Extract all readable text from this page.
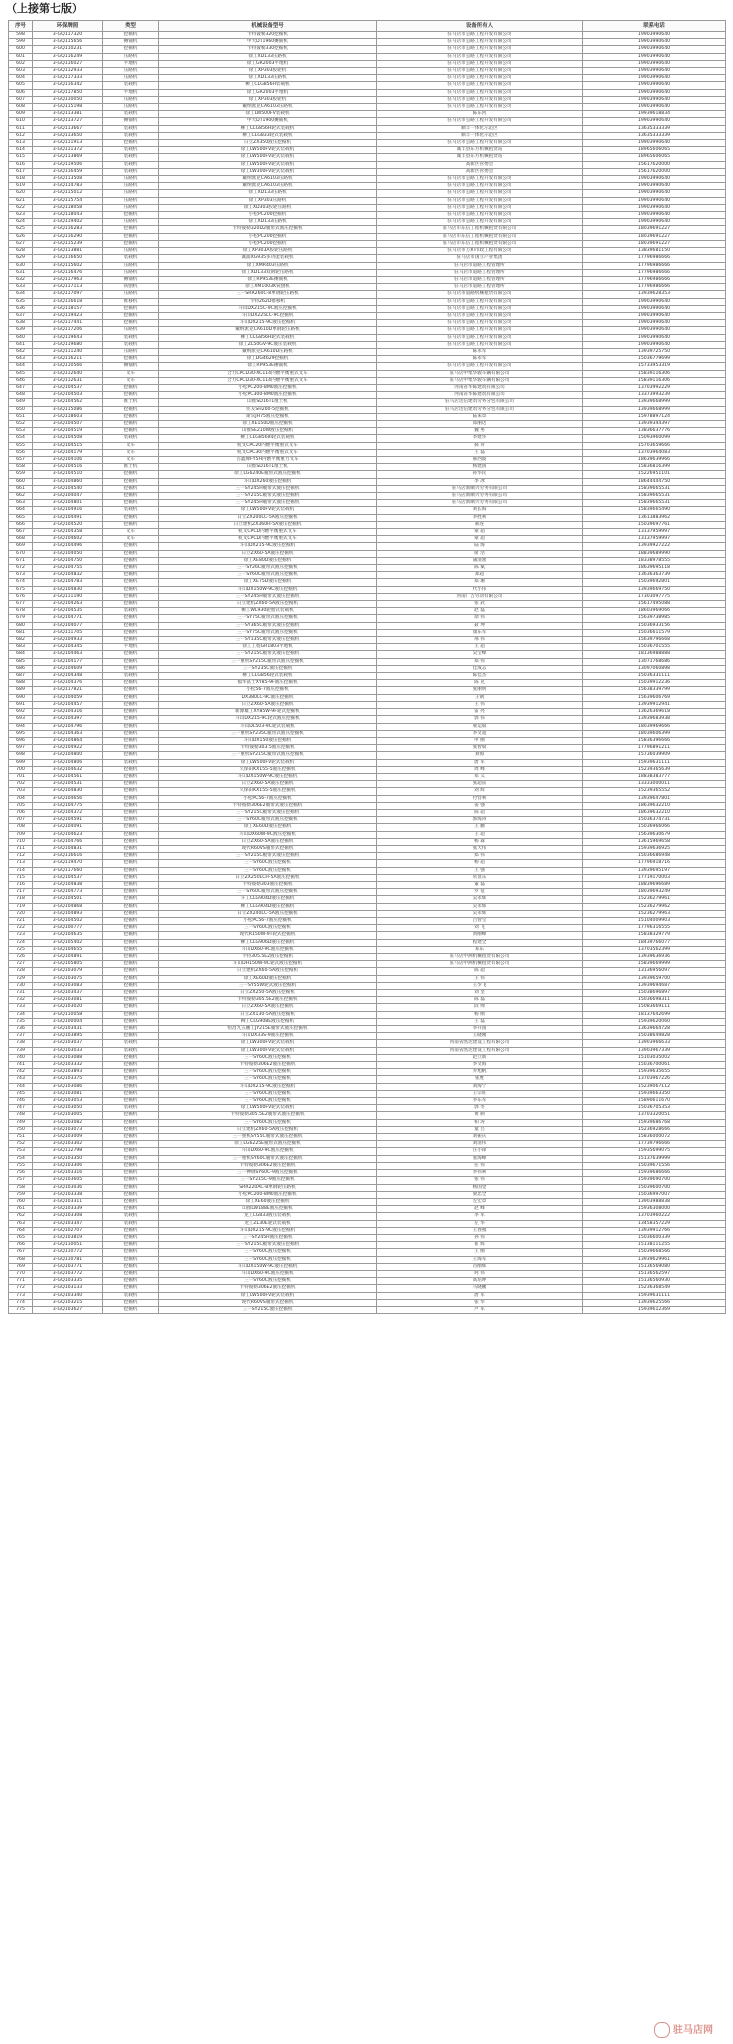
（上接第七版）
序号	环保牌照	类型	机械设备型号	设备所有人	联系电话
598	3-GQ117320	挖掘机	卡特彼勒320挖掘机	驻马店市公路工程开发有限公司	19903990640
599	3-GQ115656	摊铺机	中大DT1960摊铺机	驻马店市公路工程开发有限公司	19903990640
600	3-GQ110231	挖掘机	卡特彼勒330挖掘机	驻马店市公路工程开发有限公司	19903990640
601	3-GQ116249	压路机	徐工XD133压路机	驻马店市公路工程开发有限公司	19903990640
602	3-GQ116027	平地机	徐工GR2003平地机	驻马店市公路工程开发有限公司	19903990640
603	3-GQ112933	压路机	徐工XP303胶轮机	驻马店市公路工程开发有限公司	19903990640
604	3-GQ117333	压路机	徐工XD133压路机	驻马店市公路工程开发有限公司	19903990640
605	3-GQ116342	装载机	柳工CLG856H装载机	驻马店市公路工程开发有限公司	19903990640
606	3-GQ117850	平地机	徐工GR2003平地机	驻马店市公路工程开发有限公司	19903990640
607	3-GQ110050	压路机	徐工XP303胶轮机	驻马店市公路工程开发有限公司	19903990640
608	3-GQ115198	压路机	戴纳派克CA6103压路机	驻马店市公路工程开发有限公司	19903990640
609	3-GQ113381	装载机	徐工LW500FV装载机	陈东河	19939618834
610	3-GQ113727	摊铺机	中大DT1900摊铺机	驻马店市公路工程开发有限公司	19903990640
611	3-GQ113667	装载机	柳工CLG856H轮式装载机	顺丰一体化示范区	13635333339
612	3-GQ113650	装载机	柳工CLG833轮式装载机	顺丰一体化示范区	13635333339
613	3-GQ111913	挖掘机	日立ZX350液压挖掘机	驻马店市公路工程开发有限公司	19903990640
614	3-GQ111372	装载机	徐工LW500FV轮式装载机	诚丰县东方机械租赁站	18965606065
615	3-GQ113869	装载机	徐工LW500FV轮式装载机	诚丰县东方机械租赁站	18965606065
616	3-GQ119506	装载机	徐工LW500FV轮式装载机	高新区管委会	15617620000
617	3-GQ116459	装载机	徐工LW300FV轮式装载机	高新区管委会	15617620000
618	3-GQ113508	压路机	戴纳派克CA6103压路机	驻马店市公路工程开发有限公司	19903990640
619	3-GQ114783	压路机	戴纳派克CA6103压路机	驻马店市公路工程开发有限公司	19903990640
620	3-GQ115012	压路机	徐工XD133压路机	驻马店市公路工程开发有限公司	19903990640
621	3-GQ115754	压路机	徐工XP303压路机	驻马店市公路工程开发有限公司	19903990640
622	3-GQ118058	压路机	徐工XD303胶轮压路机	驻马店市公路工程开发有限公司	19903990640
623	3-GQ118043	挖掘机	小松PC200挖掘机	驻马店市公路工程开发有限公司	19903990640
624	3-GQ119402	压路机	徐工XD133压路机	驻马店市公路工程开发有限公司	19903990640
625	3-GQ116283	挖掘机	卡特彼勒320D2履带式液压挖掘机	驻马店市东信工程机械租赁有限公司	18039691227
626	3-GQ116290	挖掘机	小松PC200挖掘机	驻马店市东信工程机械租赁有限公司	18039691227
627	3-GQ115239	挖掘机	小松PC200挖掘机	驻马店市东信工程机械租赁有限公司	18039691227
628	3-GQ113881	压路机	徐工XP303A胶轮压路机	驻马店市万和市政工程有限公司	13839681150
629	3-GQ116650	装载机	诚浦XG935多功能装载机	驻马店市国立产业集团	17796986666
630	3-GQ115602	压路机	徐工XMR403压路机	驻马店市道路工程管理所	17796986666
631	3-GQ116476	压路机	徐工XD133双钢轮压路机	驻马店市道路工程管理所	17796986666
632	3-GQ117963	摊铺机	徐工RP953E摊铺机	驻马店市道路工程管理所	17796986666
633	3-GQ117113	铣刨机	徐工XM1003K铣刨机	驻马店市道路工程管理所	17796986666
634	3-GQ117097	压路机	三一SRR260C-8单钢轮压路机	驻马店市道路机械租赁有限公司	13939628353
635	3-GQ116618	推移机	卡特262D推移机	驻马店市公路工程开发有限公司	19903990640
636	3-GQ118157	挖掘机	斗山DX215C-9C液压挖掘机	驻马店市公路工程开发有限公司	19903990640
637	3-GQ119423	挖掘机	斗山DX225LC-9C挖掘机	驻马店市公路工程开发有限公司	19903990640
638	3-GQ117441	挖掘机	斗山DX215-9C液压挖掘机	驻马店市公路工程开发有限公司	19903990640
639	3-GQ117206	压路机	戴纳派克CA610D单钢轮压路机	驻马店市公路工程开发有限公司	19903990640
640	3-GQ119643	装载机	柳工CLG856H轮式装载机	驻马店市公路工程开发有限公司	19903990640
641	3-GQ119680	装载机	徐工ZL50GV-9C液压装载机	驻马店市公路工程开发有限公司	19903990640
642	3-GQ111240	压路机	戴纳派克CA610D压路机	陈永军	13939725750
643	3-GQ116211	挖掘机	徐工DG4629挖掘机	陈永军	15036779699
644	3-GQ110566	摊铺机	徐工RP953E摊铺机	驻马店市公路工程开发有限公司	15733953319
645	3-GQ112640	叉车	合力CPCD30-XC114内燃平衡重式叉车	驻马店中集华骏车辆有限公司	15839116306
646	3-GQ112631	叉车	合力CPCD30-XC114内燃平衡重式叉车	驻马店中集华骏车辆有限公司	15839116306
647	3-GQ104537	挖掘机	小松PC200-8M0液压挖掘机	河南省华陈建筑有限公司	13703992229
648	3-GQ104503	挖掘机	小松PC300-8M0液压挖掘机	河南省华陈建筑有限公司	13373993239
649	3-GQ104562	推土机	山推SD16TL推土机	驻马店达信建筑劳务分包有限公司	13939668999
650	3-GQ115086	挖掘机	住友SH200-5挖掘机	驻马店达信建筑劳务分包有限公司	13939668999
651	3-GQ118603	挖掘机	斯宾JH75液压挖掘机	陆朱章	15978897124
652	3-GQ104507	挖掘机	徐工XE150D液压挖掘机	郑丽达	13939344397
653	3-GQ104519	挖掘机	山推SE210W液压挖掘机	魏 男	13836637776
654	3-GQ104508	装载机	柳工CLG856III轮式装载机	李建华	15093960099
655	3-GQ104515	叉车	杭叉CPC20内燃平衡重式叉车	郝 舟	15703659666
656	3-GQ104179	叉车	杭叉CPC30内燃平衡重式叉车	王 磊	13703964083
657	3-GQ104106	叉车	古鑫牌FY5H内燃平衡重力叉车	郝西波	18639639966
658	3-GQ104516	推土机	山推SD16TL推土机	杨建国	15836816399
659	3-GQ104510	挖掘机	徐工LG6240E履带式液压挖掘机	孙华民	15226951101
660	3-GQ104860	挖掘机	斗山DX260液压挖掘机	李 冰	18644444750
661	3-GQ104540	挖掘机	三一SY245H履带式液压挖掘机	驻马店新顺兴劳务有限公司	15839665531
662	3-GQ104047	挖掘机	三一SY215C履带式液压挖掘机	驻马店新顺兴劳务有限公司	15839665531
663	3-GQ104801	挖掘机	三一SY245H履带式液压挖掘机	驻马店新顺兴劳务有限公司	15839665531
664	3-GQ104916	装载机	徐工LW500FV轮式装载机	刘长海	15839665490
665	3-GQ104491	挖掘机	日立ZX200LC-5A液压挖掘机	李胜利	13613883962
666	3-GQ104520	挖掘机	日立建机ZX360H-5A液压挖掘机	郝连	15039697761
667	3-GQ104358	叉车	杭叉CPCD内燃平衡重式叉车	蒙 超	13137959997
668	3-GQ104602	叉车	杭叉CPCD内燃平衡重式叉车	蒙 超	13137959997
669	3-GQ104496	挖掘机	斗山DX215-9C液压挖掘机	陆 海	13939927222
670	3-GQ104050	挖掘机	日立ZX60-5A液压挖掘机	席 浩	18839689990
671	3-GQ104750	挖掘机	徐工XE80D液压挖掘机	蒲清蕾	18338978555
672	3-GQ104755	挖掘机	三一SY26C履带式液压挖掘机	陈 斌	18639695118
673	3-GQ104832	挖掘机	三一SY60C履带式液压挖掘机	郑超	13636363739
674	3-GQ104783	挖掘机	徐工XE75D液压挖掘机	郑 珊	15039692801
675	3-GQ104830	挖掘机	斗山DX150W-9C液压挖掘机	代小伟	13939669750
676	3-GQ111190	挖掘机	三一SY245H履带式液压挖掘机	河南广吉劳动有限公司	17303097775
677	3-GQ104263	挖掘机	日立建机ZX60-5A液压挖掘机	张 武	15617495088
678	3-GQ104535	装载机	柳工WL930轮胎式装载机	赵 磊	18603969066
679	3-GQ104771	挖掘机	三一SY75C履带式液压挖掘机	徐 伟	15639738985
680	3-GQ104077	挖掘机	三一SY365C履带式液压挖掘机	聂 坤	15036933156
681	3-GQ111705	挖掘机	三一SY75C履带式液压挖掘机	康东军	15036611579
682	3-GQ104933	挖掘机	三一SY135C履带式液压挖掘机	邢 伟	15639796668
683	3-GQ104345	平地机	徐工工程GR1803平地机	王 超	15036701555
684	3-GQ104463	挖掘机	三一SY215C履带式液压挖掘机	吴宝峰	18136988888
685	3-GQ104177	挖掘机	三一重机SY215C履带式液压挖掘机	郑 伟	13071768686
686	3-GQ104609	挖掘机	三一SY235C液压挖掘机	佳成志	13097060898
687	3-GQ104348	装载机	柳工CLG856轮式装载机	陈佳杰	15036331111
688	3-GQ104376	挖掘机	福华富士XY85-9F液压挖掘机	陈 克	15039912236
689	3-GQ117821	挖掘机	小松56-7液压挖掘机	张丽明	15638339799
690	3-GQ104059	挖掘机	DX380LC-9C液压挖掘机	王钢	15639606769
691	3-GQ104457	挖掘机	日立ZX60-5A液压挖掘机	王 伟	13939912941
692	3-GQ104316	挖掘机	新源雄工XY85W-9F轮式挖掘机	雷 亮	13626369618
693	3-GQ104397	挖掘机	斗山DX215-9C轮式液压挖掘机	郭 伟	13939683938
694	3-GQ104796	挖掘机	斗山DL503-9C轮式装载机	蒙运斌	18039969666
695	3-GQ104363	挖掘机	三一重机SY235C履带式液压挖掘机	李文超	18039606399
696	3-GQ104864	挖掘机	斗山DX150液压挖掘机	申 刚	15836396666
697	3-GQ104922	挖掘机	卡特彼勒303.5液压挖掘机	张智斌	17796891211
698	3-GQ104800	挖掘机	三一重机SY215C履带式液压挖掘机	刘海	15736039909
699	3-GQ104806	装载机	徐工LW500FV轮式装载机	唐 军	15939631111
700	3-GQ104632	挖掘机	久保田KX155-5液压挖掘机	周 峰	15239365639
701	3-GQ104561	挖掘机	斗山DX150W-9C液压挖掘机	邓 义	18838383777
702	3-GQ104531	挖掘机	日立ZX60-5A液压挖掘机	张超雷	13333000011
703	3-GQ104830	挖掘机	久保田KX155-5液压挖掘机	刘 辉	15239365552
704	3-GQ104656	挖掘机	小松PC56-7液压挖掘机	付营利	13939647801
705	3-GQ104775	挖掘机	卡特彼勒306E2履带式液压挖掘机	姜 强	18639632210
706	3-GQ104372	挖掘机	三一SY215C履带式液压挖掘机	陈 超	18639632210
707	3-GQ104591	挖掘机	三一SY60C履带式液压挖掘机	郭海涛	15036374731
708	3-GQ104091	挖掘机	徐工XE60D液压挖掘机	王 鹏	15036966066
709	3-GQ104623	挖掘机	斗山DX60W-9C液压挖掘机	王 超	15639630679
710	3-GQ104766	挖掘机	日立ZX60-5A液压挖掘机	杨 森	13615969658
711	3-GQ104831	挖掘机	现代R60VS履带式挖掘机	张大伟	15939636925
712	3-GQ116616	挖掘机	三一SY215C履带式液压挖掘机	郑 伟	15036686948
713	3-GQ119470	挖掘机	三一SY60C液压挖掘机	杨 超	17796918716
714	3-GQ117660	挖掘机	三一SY60C液压挖掘机	王 强	13939695197
715	3-GQ104537	挖掘机	日立ZX250LCH-5A液压挖掘机	常显东	17719170003
716	3-GQ104838	挖掘机	卡特彼勒303液压挖掘机	董 磊	18839696689
717	3-GQ104773	挖掘机	三一SY60C履带式液压挖掘机	罗 征	18039693249
718	3-GQ104501	挖掘机	斗工CLG904D液压挖掘机	吴永辉	15236279961
719	3-GQ104868	挖掘机	柳工CLG904D液压挖掘机	吴永辉	15236279962
720	3-GQ104893	挖掘机	日立ZX240LC-5A液压挖掘机	吴永辉	15236279963
721	3-GQ104502	挖掘机	小松PC56-7液压挖掘机	吕曾宝	15104009903
722	3-GQ100777	挖掘机	三一SY60C液压挖掘机	刘 飞	17796316555
723	3-GQ104635	挖掘机	现代R150W-9T轮式挖掘机	黄刚峰	15838329779
724	3-GQ105402	挖掘机	柳工CLG906D液压挖掘机	程建全	18439766077
725	3-GQ104655	挖掘机	斗山DX60-9C液压挖掘机	邓东	13703562399
726	3-GQ104891	挖掘机	卡特305.5E2液压挖掘机	驻马店中洲机械租赁有限公司	13939636936
727	3-GQ105805	挖掘机	斗山DH150W-9C轮式液压挖掘机	驻马店中洲机械租赁有限公司	15839669999
728	3-GQ103079	挖掘机	日立建机ZX60-5A液压挖掘机	陈 超	13136956097
729	3-GQ103075	挖掘机	徐工XE60D液压挖掘机	王 伟	13939659700
730	3-GQ103083	挖掘机	三一SY55W轮式液压挖掘机	王少飞	13939694687
731	3-GQ103437	挖掘机	日立ZX250-5A液压挖掘机	刘 奎	15038696897
732	3-GQ103081	挖掘机	卡特彼勒305.5E2液压挖掘机	陈 磊	15036698311
733	3-GQ103020	挖掘机	日立ZX60-5A液压挖掘机	段 帅	15083669111
734	3-GQ110058	挖掘机	日立ZX130-5A液压挖掘机	杨 刚	18137642699
735	3-GQ100004	挖掘机	柳工CLG908E液压挖掘机	王 磊	15939620060
736	3-GQ103431	挖掘机	恒昌九五鹏工JY215E履带式液压挖掘机	李开国	13639664728
737	3-GQ103895	挖掘机	斗山DX33S-9液压挖掘机	王晓刚	15038649828
738	3-GQ103037	装载机	徐工LW300FV轮式装载机	河南省凯达建设工程有限公司	13903966633
739	3-GQ103033	装载机	徐工LW300FV轮式装载机	河南省凯达建设工程有限公司	13903967339
740	3-GQ103088	挖掘机	三一SY60C液压挖掘机	赵立新	15103035002
741	3-GQ103332	挖掘机	卡特彼勒306E2液压挖掘机	李文海	15036700061
742	3-GQ103893	挖掘机	三一SY60C液压挖掘机	乔旭帆	15939635655
743	3-GQ103375	挖掘机	三一SY60C液压挖掘机	张胜	13703967226
744	3-GQ103086	挖掘机	斗山DX215-9C液压挖掘机	刘海宁	15239067112
745	3-GQ103081	挖掘机	三一SY60C液压挖掘机	王宗旺	15939663350
746	3-GQ103053	挖掘机	三一SY60C液压挖掘机	李东军	15890611670
747	3-GQ103050	装载机	徐工LW500FV轮式装载机	郭 冬	15036705353
748	3-GQ103005	挖掘机	卡特彼勒305.5E2履带式液压挖掘机	黄 舸	13703320051
749	3-GQ103082	挖掘机	三一SY60C液压挖掘机	柏 涛	15939686768
750	3-GQ103073	挖掘机	日立建机ZX60-5A液压挖掘机	童 吕	15236928666
751	3-GQ103009	挖掘机	三一重机SY55C履带式液压挖掘机	刘振庆	15836000072
752	3-GQ103302	挖掘机	徐工LG6225E履带式液压挖掘机	刘清伟	17739796666
753	3-GQ112798	挖掘机	斗山DX60-9C液压挖掘机	汪小锋	15935699075
754	3-GQ103350	挖掘机	三一重机SY60C履带式液压挖掘机	张海峰	15137639999
755	3-GQ103306	挖掘机	卡特彼勒306E2液压挖掘机	任 伟	15039671556
756	3-GQ103316	挖掘机	三一神钢SY60C-9液压挖掘机	李伟利	15939686666
757	3-GQ103605	挖掘机	三一SY215C-9液压挖掘机	张 伟	15939690700
758	3-GQ103036	挖掘机	SRR220AC-8单钢轮压路机	杨国金	15039600700
759	3-GQ103338	挖掘机	小松PC200-8M0液压挖掘机	梁忠全	15036997007
760	3-GQ103311	挖掘机	徐工XE60液压挖掘机	左宏章	13903988838
761	3-GQ103339	挖掘机	山推LW188E液压挖掘机	赵 峰	15936308000
762	3-GQ103308	装载机	龙工LG833液压装载机	李 军	13703960222
763	3-GQ103347	装载机	龙工ZL30E轮式装载机	左 华	13458357229
764	3-GQ102707	挖掘机	斗山DX215-9C液压挖掘机	王春燕	13939912766
765	3-GQ103819	挖掘机	三一SY245H液压挖掘机	孙 伟	15036600339
766	3-GQ110051	挖掘机	三一SY215C履带式液压挖掘机	崔 辉	15138111255
767	3-GQ110772	挖掘机	三一SY60C液压挖掘机	王 刚	15039668566
768	3-GQ110781	挖掘机	三一SY60C液压挖掘机	王海军	13939629961
769	3-GQ103771	挖掘机	斗山DX150W-9C液压挖掘机	肖刚辉	15136569080
770	3-GQ103772	挖掘机	斗山DX60-9C液压挖掘机	何 伟	15136562597
771	3-GQ103335	挖掘机	三一SY60C液压挖掘机	高培坤	15136560930
772	3-GQ103133	挖掘机	卡特彼勒306E2液压挖掘机	马晓鹏	15236368549
773	3-GQ103340	装载机	徐工LW500FV轮式装载机	唐 军	15939631111
774	3-GQ103215	挖掘机	现代R60VS履带式挖掘机	张 华	13939625566
775	3-GQ103627	挖掘机	三一SY215C液压挖掘机	卢 军	15939612369
驻马店网
